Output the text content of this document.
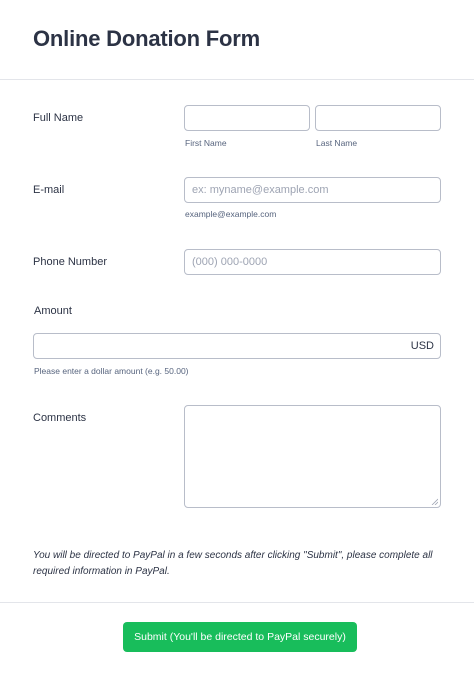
Online Donation Form
Full Name
First Name	Last Name
E-mail
ex: myname@example.com
example@example.com
Phone Number
(000) 000-0000
Amount
USD
Please enter a dollar amount (e.g. 50.00)
Comments
You will be directed to PayPal in a few seconds after clicking "Submit", please complete all required information in PayPal.
Submit (You'll be directed to PayPal securely)
